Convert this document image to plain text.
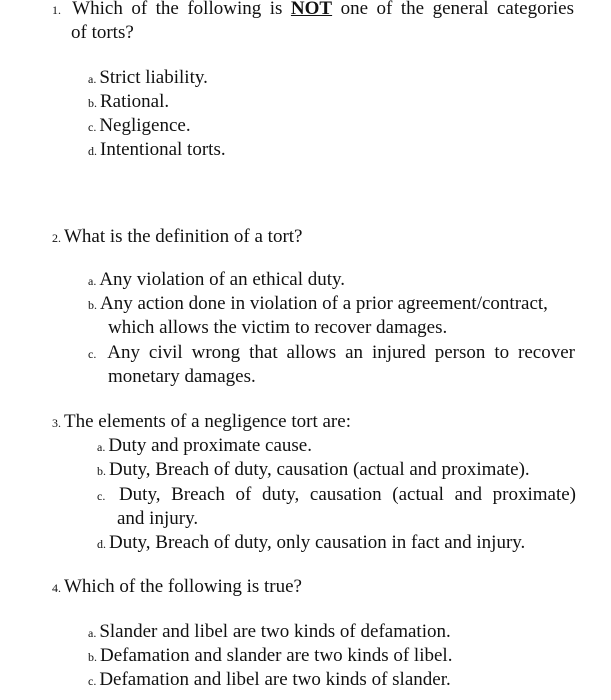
1. Which of the following is NOT one of the general categories
of torts?
a. Strict liability.
b. Rational.
c. Negligence.
d. Intentional torts.
2. What is the definition of a tort?
a. Any violation of an ethical duty.
b. Any action done in violation of a prior agreement/contract,
which allows the victim to recover damages.
c. Any civil wrong that allows an injured person to recover
monetary damages.
3. The elements of a negligence tort are:
a. Duty and proximate cause.
b. Duty, Breach of duty, causation (actual and proximate).
c. Duty, Breach of duty, causation (actual and proximate)
and injury.
d. Duty, Breach of duty, only causation in fact and injury.
4. Which of the following is true?
a. Slander and libel are two kinds of defamation.
b. Defamation and slander are two kinds of libel.
c. Defamation and libel are two kinds of slander.
